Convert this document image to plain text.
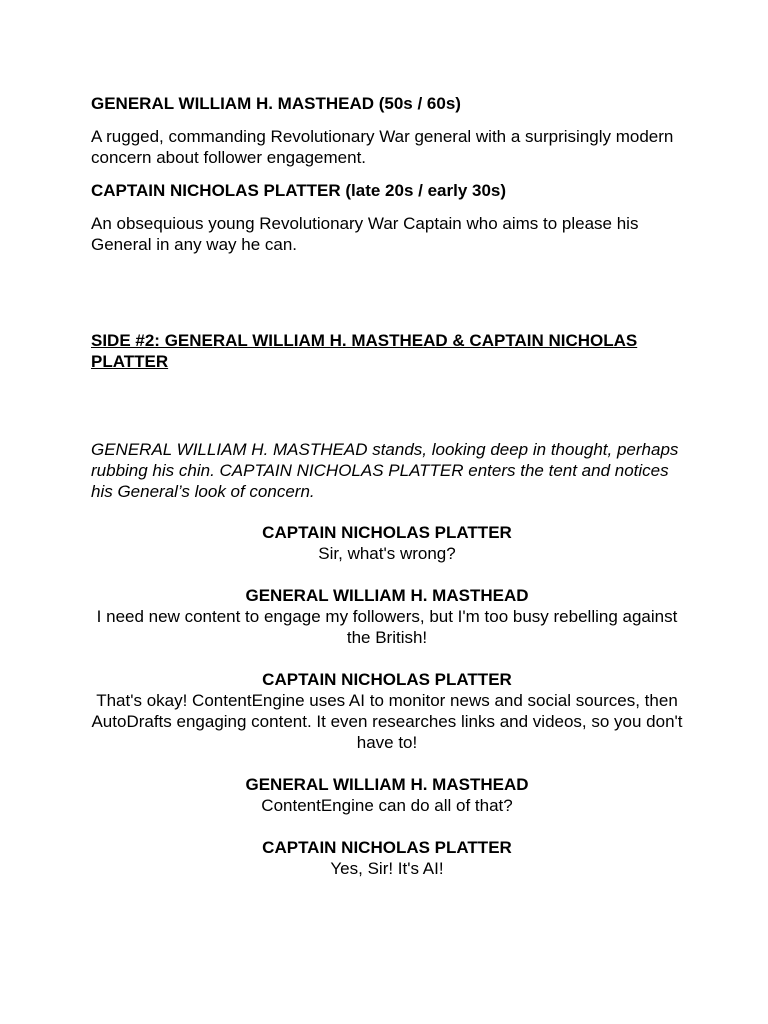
GENERAL WILLIAM H. MASTHEAD (50s / 60s)

A rugged, commanding Revolutionary War general with a surprisingly modern concern about follower engagement.

CAPTAIN NICHOLAS PLATTER (late 20s / early 30s)

An obsequious young Revolutionary War Captain who aims to please his General in any way he can.

SIDE #2: GENERAL WILLIAM H. MASTHEAD & CAPTAIN NICHOLAS PLATTER

GENERAL WILLIAM H. MASTHEAD stands, looking deep in thought, perhaps rubbing his chin. CAPTAIN NICHOLAS PLATTER enters the tent and notices his General’s look of concern.

CAPTAIN NICHOLAS PLATTER
Sir, what's wrong?
GENERAL WILLIAM H. MASTHEAD
I need new content to engage my followers, but I'm too busy rebelling against the British!
CAPTAIN NICHOLAS PLATTER
That's okay! ContentEngine uses AI to monitor news and social sources, then AutoDrafts engaging content. It even researches links and videos, so you don't have to!
GENERAL WILLIAM H. MASTHEAD
ContentEngine can do all of that?
CAPTAIN NICHOLAS PLATTER
Yes, Sir! It's AI!
